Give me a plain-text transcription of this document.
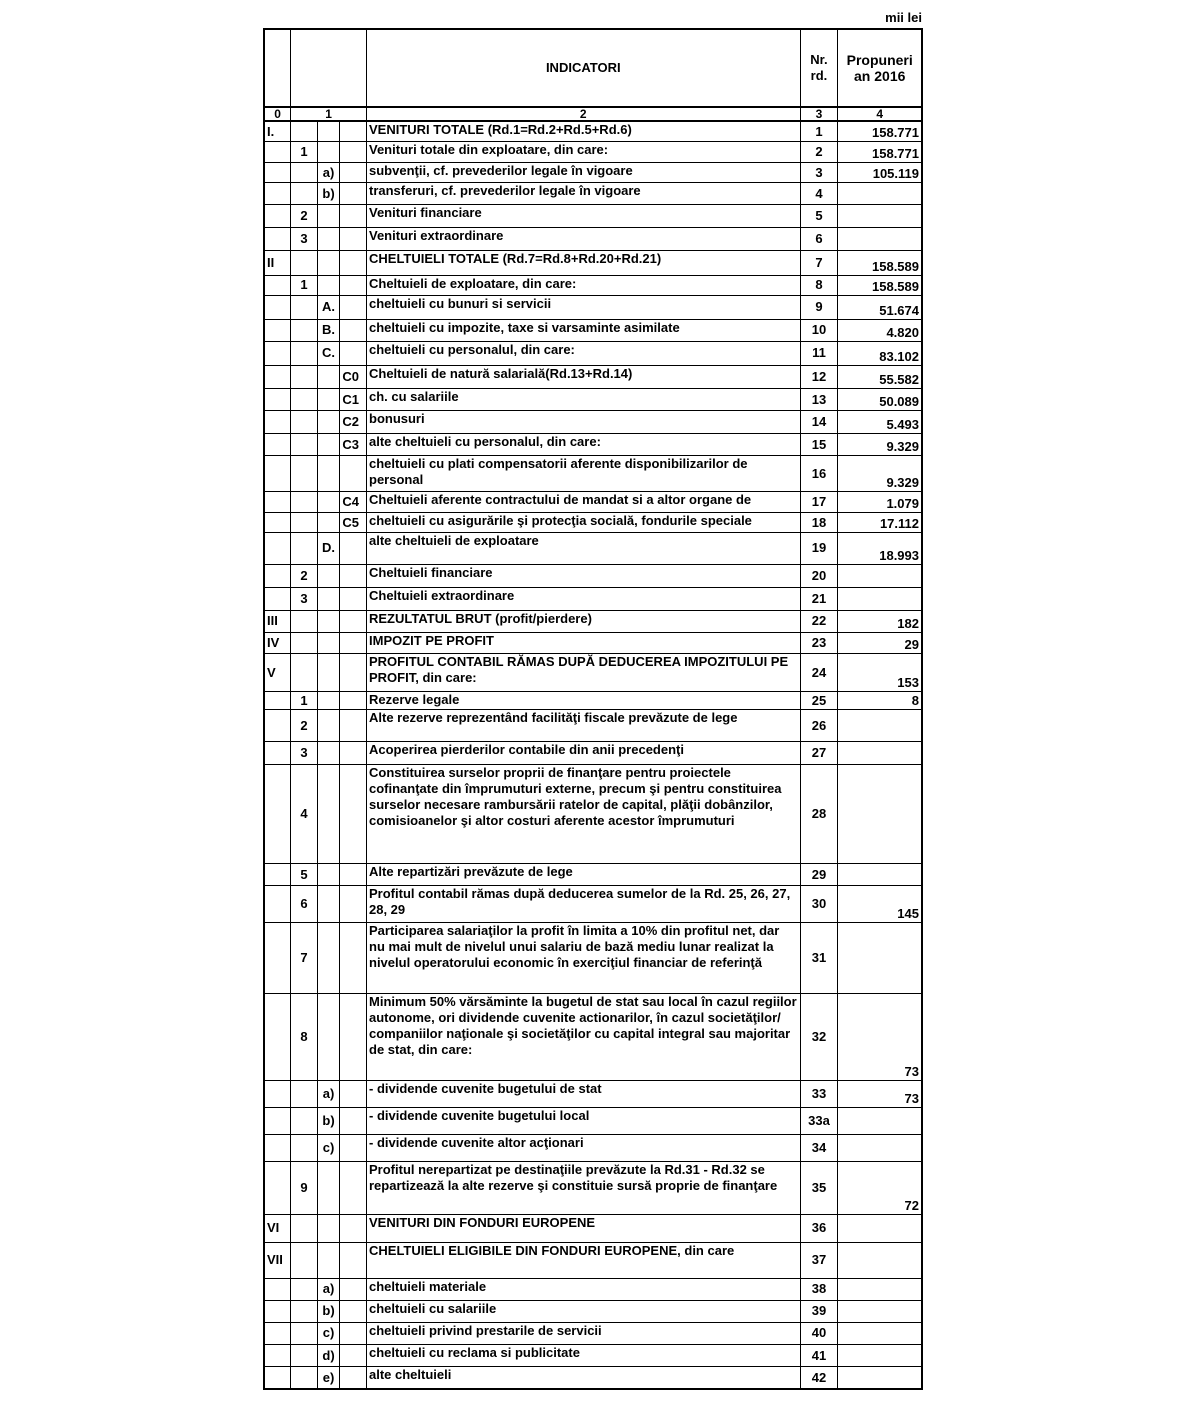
mii lei
				INDICATORI	Nr.
rd.	Propuneri
an 2016
0	1			2	3	4
I.				VENITURI TOTALE (Rd.1=Rd.2+Rd.5+Rd.6)	1	158.771
	1			Venituri totale din exploatare, din care:	2	158.771
		a)		subvenţii, cf. prevederilor legale în vigoare	3	105.119
		b)		transferuri, cf. prevederilor legale în vigoare	4	
	2			Venituri financiare	5	
	3			Venituri extraordinare	6	
II				CHELTUIELI TOTALE (Rd.7=Rd.8+Rd.20+Rd.21)	7	158.589
	1			Cheltuieli de exploatare, din care:	8	158.589
		A.		cheltuieli cu bunuri si servicii	9	51.674
		B.		cheltuieli cu impozite, taxe si varsaminte asimilate	10	4.820
		C.		cheltuieli cu personalul, din care:	11	83.102
			C0	Cheltuieli de natură salarială(Rd.13+Rd.14)	12	55.582
			C1	ch. cu salariile	13	50.089
			C2	bonusuri	14	5.493
			C3	alte cheltuieli cu personalul, din care:	15	9.329
				cheltuieli cu plati compensatorii aferente disponibilizarilor de personal	16	9.329
			C4	Cheltuieli aferente contractului de mandat si a altor organe de	17	1.079
			C5	cheltuieli cu asigurările şi protecţia socială, fondurile speciale	18	17.112
		D.		alte cheltuieli de exploatare	19	18.993
	2			Cheltuieli financiare	20	
	3			Cheltuieli extraordinare	21	
III				REZULTATUL BRUT (profit/pierdere)	22	182
IV				IMPOZIT PE PROFIT	23	29
V				PROFITUL CONTABIL RĂMAS DUPĂ DEDUCEREA IMPOZITULUI PE PROFIT, din care:	24	153
	1			Rezerve legale	25	8
	2			Alte rezerve reprezentând facilităţi fiscale prevăzute de lege	26	
	3			Acoperirea pierderilor contabile din anii precedenţi	27	
	4			Constituirea surselor proprii de finanţare pentru proiectele cofinanţate din împrumuturi externe, precum şi pentru constituirea surselor necesare rambursării ratelor de capital, plăţii dobânzilor, comisioanelor şi altor costuri aferente acestor împrumuturi	28	
	5			Alte repartizări prevăzute de lege	29	
	6			Profitul contabil rămas după deducerea sumelor de la Rd. 25, 26, 27, 28, 29	30	145
	7			Participarea salariaţilor la profit în limita a 10% din profitul net, dar nu mai mult de nivelul unui salariu de bază mediu lunar realizat la nivelul operatorului economic în exerciţiul financiar de referinţă	31	
	8			Minimum 50% vărsăminte la bugetul de stat sau local în cazul regiilor autonome, ori dividende cuvenite actionarilor, în cazul societăţilor/ companiilor naţionale şi societăţilor cu capital integral sau majoritar de stat, din care:	32	73
		a)		- dividende cuvenite bugetului de stat	33	73
		b)		- dividende cuvenite bugetului local	33a	
		c)		- dividende cuvenite altor acţionari	34	
	9			Profitul nerepartizat pe destinaţiile prevăzute la Rd.31 - Rd.32 se repartizează la alte rezerve şi constituie sursă proprie de finanţare	35	72
VI				VENITURI DIN FONDURI EUROPENE	36	
VII				CHELTUIELI ELIGIBILE DIN FONDURI EUROPENE, din care	37	
		a)		cheltuieli materiale	38	
		b)		cheltuieli cu salariile	39	
		c)		cheltuieli privind prestarile de servicii	40	
		d)		cheltuieli cu reclama si publicitate	41	
		e)		alte cheltuieli	42	
